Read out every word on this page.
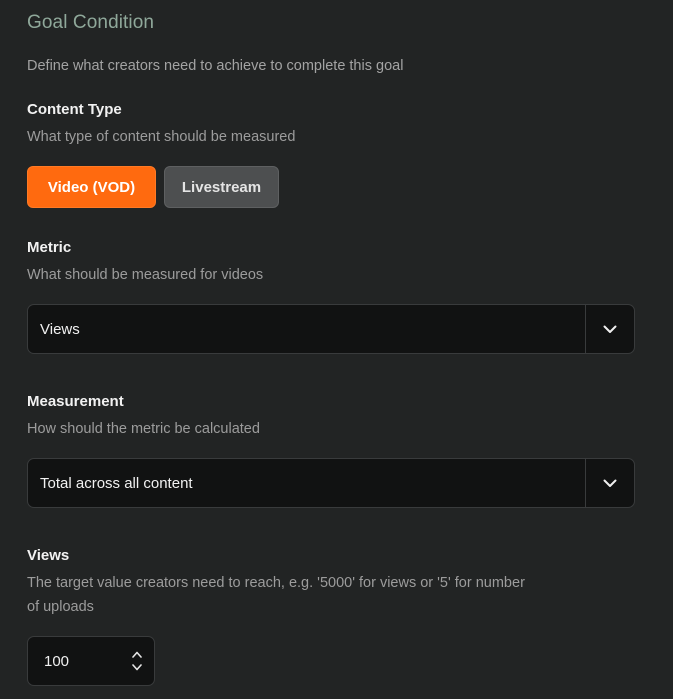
Goal Condition
Define what creators need to achieve to complete this goal
Content Type
What type of content should be measured
Video (VOD)	Livestream
Metric
What should be measured for videos
Views
Measurement
How should the metric be calculated
Total across all content
Views
The target value creators need to reach, e.g. '5000' for views or '5' for number
of uploads
100
